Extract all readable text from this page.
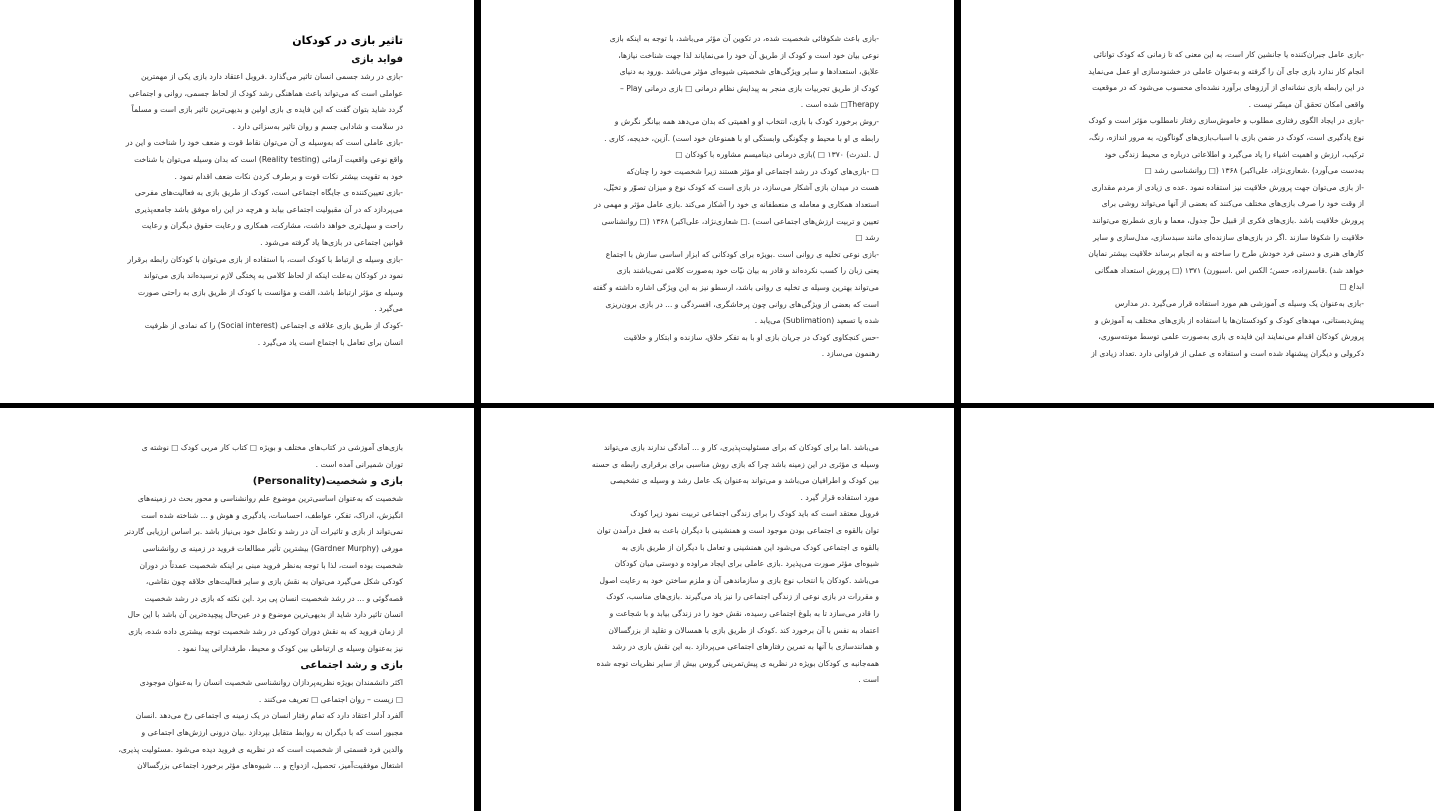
تاثیر بازی در کودکان
فواید بازی

-بازی در رشد جسمی انسان تاثیر می‌گذارد .فروبل اعتقاد دارد بازی یکی از مهمترین

عواملی است که می‌تواند باعث هماهنگی رشد کودک از لحاظ جسمی، روانی و اجتماعی

گردد شاید بتوان گفت که این فایده ‌ی بازی اولین و بدیهی‌ترین تاثیر بازی است و مسلماً

در سلامت و شادابی جسم و روان تاثیر به‌سزائی دارد .

-بازی عاملی است که به‌وسیله ‌ی آن می‌توان نقاط قوت و ضعف خود را شناخت و این در

واقع نوعی واقعیت آزمائی (Reality testing) است که بدان وسیله می‌توان با شناخت

خود به تقویت بیشتر نکات قوت و برطرف کردن نکات ضعف اقدام نمود .

-بازی تعیین‌کننده ‌ی جایگاه اجتماعی است، کودک از طریق بازی به فعالیت‌های مفرحی

می‌پردازد که در آن مقبولیت اجتماعی بیابد و هرچه در این راه موفق باشد جامعه‌پذیری

راحت و سهل‌تری خواهد داشت، مشارکت، همکاری و رعایت حقوق دیگران و رعایت

قوانین اجتماعی در بازی‌ها یاد گرفته می‌شود .

-بازی وسیله ‌ی ارتباط با کودک است، با استفاده از بازی می‌توان با کودکان رابطه برقرار

نمود در کودکان به‌علت اینکه از لحاظ کلامی به پختگی لازم نرسیده‌اند بازی می‌تواند

وسیله ‌ی مؤثر ارتباط باشد، الفت و مؤانست با کودک از طریق بازی به راحتی صورت

می‌گیرد .

-کودک از طریق بازی علاقه ‌ی اجتماعی (Social interest) را که نمادی از ظرفیت

انسان برای تعامل با اجتماع است یاد می‌گیرد .

-بازی باعث شکوفائی شخصیت شده، در تکوین آن مؤثر می‌باشد، با توجه به اینکه بازی

نوعی بیان خود است و کودک از طریق آن خود را می‌نمایاند لذا جهت شناخت نیازها،

علایق، استعدادها و سایر ویژگی‌های شخصیتی شیوه‌ای مؤثر می‌باشد .ورود به دنیای

کودک از طریق تجربیات بازی منجر به پیدایش نظام درمانی □ بازی درمانی Play –

Therapy□ شده است .

-روش برخورد کودک با بازی، انتخاب او و اهمیتی که بدان می‌دهد همه بیانگر نگرش و

رابطه ‌ی او با محیط و چگونگی وابستگی او با همنوعان خود است) .آزین، خدیجه، کاری .

ل .لندرث) ۱۳۷۰ □ )بازی درمانی دینامیسم مشاوره با کودکان □

□ -بازی‌های کودک در رشد اجتماعی او مؤثر هستند زیرا شخصیت خود را چنان‌که

هست در میدان بازی آشکار می‌سازد، در بازی است که کودک نوع و میزان تصوّر و تخیّل،

استعداد همکاری و معامله ‌ی منعطفانه ‌ی خود را آشکار می‌کند .بازی عامل مؤثر و مهمی در

تعیین و تربیت ارزش‌های اجتماعی است) .□ شعاری‌نژاد، علی‌اکبر) ۱۳۶۸ (□ روانشناسی

رشد □

-بازی نوعی تخلیه ‌ی روانی است .بویژه برای کودکانی که ابزار اساسی سازش با اجتماع

یعنی زبان را کسب نکرده‌اند و قادر به بیان نیّات خود به‌صورت کلامی نمی‌باشند بازی

می‌تواند بهترین وسیله ‌ی تخلیه ‌ی روانی باشد، ارسطو نیز به این ویژگی اشاره داشته و گفته

است که بعضی از ویژگی‌های روانی چون پرخاشگری، افسردگی و ... در بازی برون‌ریزی

شده یا تسعید (Sublimation) می‌یابد .

-حس کنجکاوی کودک در جریان بازی او با به تفکر خلاق، سازنده و ابتکار و خلاقیت

رهنمون می‌سازد .

-بازی عامل جبران‌کننده یا جانشین کار است، به این معنی که تا زمانی که کودک توانائی

انجام کار ندارد بازی جای آن را گرفته و به‌عنوان عاملی در خشنودسازی او عمل می‌نماید

در این رابطه بازی نشانه‌ای از آرزوهای برآورد نشده‌ای محسوب می‌شود که در موقعیت

واقعی امکان تحقق آن میسّر نیست .

-بازی در ایجاد الگوی رفتاری مطلوب و خاموش‌سازی رفتار نامطلوب مؤثر است و کودک

نوع یادگیری است، کودک در ضمن بازی با اسباب‌بازی‌های گوناگون، به مرور اندازه، رنگ،

ترکیب، ارزش و اهمیت اشیاء را یاد می‌گیرد و اطلاعاتی درباره ‌ی محیط زندگی خود

به‌دست می‌آورد) .شعاری‌نژاد، علی‌اکبر) ۱۳۶۸ (□ روانشناسی رشد □

-از بازی می‌توان جهت پرورش خلاقیت نیز استفاده نمود .عده ‌ی زیادی از مردم مقداری

از وقت خود را صرف بازی‌های مختلف می‌کنند که بعضی از آنها می‌تواند روشی برای

پرورش خلاقیت باشد .بازی‌های فکری از قبیل حلّ جدول، معما و بازی شطرنج می‌توانند

خلاقیت را شکوفا سازند .اگر در بازی‌های سازنده‌ای مانند سبدسازی، مدل‌سازی و سایر

کارهای هنری و دستی فرد خودش طرح را ساخته و به انجام برساند خلاقیت بیشتر نمایان

خواهد شد) .قاسم‌زاده، حسن؛ الکس اس .اسبورن) ۱۳۷۱ (□ پرورش استعداد همگانی

ابداع □

-بازی به‌عنوان یک وسیله ‌ی آموزشی هم مورد استفاده قرار می‌گیرد .در مدارس

پیش‌دبستانی، مهدهای کودک و کودکستان‌ها با استفاده از بازی‌های مختلف به آموزش و

پرورش کودکان اقدام می‌نمایند این فایده ‌ی بازی به‌صورت علمی توسط مونته‌سوری،

دکرولی و دیگران پیشنهاد شده است و استفاده ‌ی عملی از فراوانی دارد .تعداد زیادی از

بازی‌های آموزشی در کتاب‌های مختلف و بویژه □ کتاب کار مربی کودک □ نوشته ‌ی

توران شمیرانی آمده است .

بازی و شخصیت(Personality)

شخصیت که به‌عنوان اساسی‌ترین موضوع علم روانشناسی و محور بحث در زمینه‌های

انگیزش، ادراک، تفکر، عواطف، احساسات، یادگیری و هوش و ... شناخته شده است

نمی‌تواند از بازی و تاثیرات آن در رشد و تکامل خود بی‌نیاز باشد .بر اساس ارزیابی گاردنر

مورفی (Gardner Murphy) بیشترین تأثیر مطالعات فروید در زمینه ‌ی روانشناسی

شخصیت بوده است، لذا با توجه به‌نظر فروید مبنی بر اینکه شخصیت عمدتاً در دوران

کودکی شکل می‌گیرد می‌توان به نقش بازی و سایر فعالیت‌های خلاقه چون نقاشی،

قصه‌گوئی و ... در رشد شخصیت انسان پی برد .این نکته که بازی در رشد شخصیت

انسان تاثیر دارد شاید از بدیهی‌ترین موضوع و در عین‌حال پیچیده‌ترین آن باشد با این حال

از زمان فروید که به نقش دوران کودکی در رشد شخصیت توجه بیشتری داده شده، بازی

نیز به‌عنوان وسیله ‌ی ارتباطی بین کودک و محیط، طرفدارانی پیدا نمود .

بازی و رشد اجتماعی

اکثر دانشمندان بویژه نظریه‌پردازان روانشناسی شخصیت انسان را به‌عنوان موجودی

□ زیست – روان اجتماعی □ تعریف می‌کنند .

آلفرد آدلر اعتقاد دارد که تمام رفتار انسان در یک زمینه ‌ی اجتماعی رخ می‌دهد .انسان

مجبور است که با دیگران به روابط متقابل بپردازد .بیان درونی ارزش‌های اجتماعی و

والدین فرد قسمتی از شخصیت است که در نظریه ‌ی فروید دیده می‌شود .مسئولیت پذیری،

اشتغال موفقیت‌آمیز، تحصیل، ازدواج و ... شیوه‌های مؤثر برخورد اجتماعی بزرگسالان

می‌باشد .اما برای کودکان که برای مسئولیت‌پذیری، کار و ... آمادگی ندارند بازی می‌تواند

وسیله ‌ی مؤثری در این زمینه باشد چرا که بازی روش مناسبی برای برقراری رابطه ‌ی حسنه

بین کودک و اطرافیان می‌باشد و می‌تواند به‌عنوان یک عامل رشد و وسیله ‌ی تشخیصی

مورد استفاده قرار گیرد .

فروبل معتقد است که باید کودک را برای زندگی اجتماعی تربیت نمود زیرا کودک

توان بالقوه ‌ی اجتماعی بودن موجود است و همنشینی با دیگران باعث به فعل درآمدن توان

بالقوه ‌ی اجتماعی کودک می‌شود این همنشینی و تعامل با دیگران از طریق بازی به

شیوه‌ای مؤثر صورت می‌پذیرد .بازی عاملی برای ایجاد مراوده و دوستی میان کودکان

می‌باشد .کودکان با انتخاب نوع بازی و سازماندهی آن و ملزم ساختن خود به رعایت اصول

و مقررات در بازی نوعی از زندگی اجتماعی را نیز یاد می‌گیرند .بازی‌های مناسب، کودک

را قادر می‌سازد تا به بلوغ اجتماعی رسیده، نقش خود را در زندگی بیابد و با شجاعت و

اعتماد به نفس با آن برخورد کند .کودک از طریق بازی با همسالان و تقلید از بزرگسالان

و همانندسازی با آنها به تمرین رفتارهای اجتماعی می‌پردازد .به این نقش بازی در رشد

همه‌جانبه ‌ی کودکان بویژه در نظریه ‌ی پیش‌تمرینی گروس بیش از سایر نظریات توجه شده

است .
